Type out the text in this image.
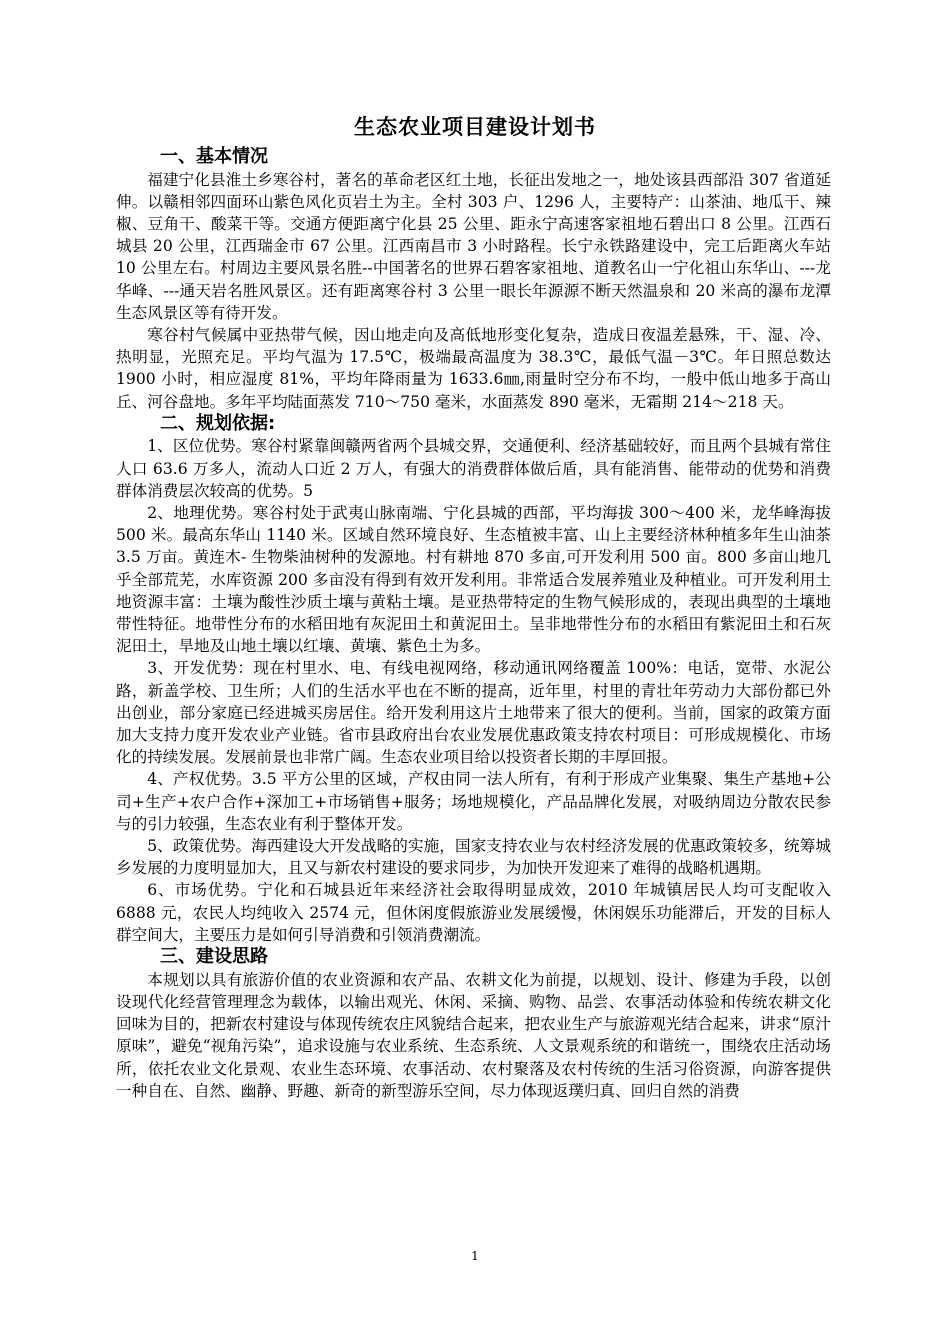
生态农业项目建设计划书
一、基本情况

福建宁化县淮土乡寒谷村，著名的革命老区红土地，长征出发地之一，地处该县西部沿 307 省道延伸。以赣相邻四面环山紫色风化页岩土为主。全村 303 户、1296 人，主要特产：山茶油、地瓜干、辣椒、豆角干、酸菜干等。交通方便距离宁化县 25 公里、距永宁高速客家祖地石碧出口 8 公里。江西石城县 20 公里，江西瑞金市 67 公里。江西南昌市 3 小时路程。长宁永铁路建设中，完工后距离火车站 10 公里左右。村周边主要风景名胜--中国著名的世界石碧客家祖地、道教名山一宁化祖山东华山、---龙华峰、---通天岩名胜风景区。还有距离寒谷村 3 公里一眼长年源源不断天然温泉和 20 米高的瀑布龙潭生态风景区等有待开发。

寒谷村气候属中亚热带气候，因山地走向及高低地形变化复杂，造成日夜温差悬殊，干、湿、冷、热明显，光照充足。平均气温为 17.5℃，极端最高温度为 38.3℃，最低气温－3℃。年日照总数达 1900 小时，相应湿度 81%，平均年降雨量为 1633.6㎜,雨量时空分布不均，一般中低山地多于高山丘、河谷盘地。多年平均陆面蒸发 710～750 毫米，水面蒸发 890 毫米，无霜期 214～218 天。

二、规划依据:

1、区位优势。寒谷村紧靠闽赣两省两个县城交界，交通便利、经济基础较好，而且两个县城有常住人口 63.6 万多人，流动人口近 2 万人，有强大的消费群体做后盾，具有能消售、能带动的优势和消费群体消费层次较高的优势。5

2、地理优势。寒谷村处于武夷山脉南端、宁化县城的西部，平均海拔 300～400 米，龙华峰海拔 500 米。最高东华山 1140 米。区域自然环境良好、生态植被丰富、山上主要经济林种植多年生山油茶 3.5 万亩。黄连木- 生物柴油树种的发源地。村有耕地 870 多亩,可开发利用 500 亩。800 多亩山地几乎全部荒芜，水库资源 200 多亩没有得到有效开发利用。非常适合发展养殖业及种植业。可开发利用土地资源丰富：土壤为酸性沙质土壤与黄粘土壤。是亚热带特定的生物气候形成的，表现出典型的土壤地带性特征。地带性分布的水稻田地有灰泥田土和黄泥田土。呈非地带性分布的水稻田有紫泥田土和石灰泥田土，旱地及山地土壤以红壤、黄壤、紫色土为多。

3、开发优势：现在村里水、电、有线电视网络，移动通讯网络覆盖 100%：电话，宽带、水泥公路，新盖学校、卫生所；人们的生活水平也在不断的提高，近年里，村里的青壮年劳动力大部份都已外出创业，部分家庭已经进城买房居住。给开发利用这片土地带来了很大的便利。当前，国家的政策方面加大支持力度开发农业产业链。省市县政府出台农业发展优惠政策支持农村项目：可形成规模化、市场化的持续发展。发展前景也非常广阔。生态农业项目给以投资者长期的丰厚回报。

4、产权优势。3.5 平方公里的区域，产权由同一法人所有，有利于形成产业集聚、集生产基地+公司+生产+农户合作+深加工+市场销售+服务；场地规模化，产品品牌化发展，对吸纳周边分散农民参与的引力较强，生态农业有利于整体开发。

5、政策优势。海西建设大开发战略的实施，国家支持农业与农村经济发展的优惠政策较多，统筹城乡发展的力度明显加大，且又与新农村建设的要求同步，为加快开发迎来了难得的战略机遇期。

6、市场优势。宁化和石城县近年来经济社会取得明显成效，2010 年城镇居民人均可支配收入 6888 元，农民人均纯收入 2574 元，但休闲度假旅游业发展缓慢，休闲娱乐功能滞后，开发的目标人群空间大，主要压力是如何引导消费和引领消费潮流。

三、建设思路

本规划以具有旅游价值的农业资源和农产品、农耕文化为前提，以规划、设计、修建为手段，以创设现代化经营管理理念为载体，以输出观光、休闲、采摘、购物、品尝、农事活动体验和传统农耕文化回味为目的，把新农村建设与体现传统农庄风貌结合起来，把农业生产与旅游观光结合起来，讲求“原汁原味”，避免“视角污染”，追求设施与农业系统、生态系统、人文景观系统的和谐统一，围绕农庄活动场所，依托农业文化景观、农业生态环境、农事活动、农村聚落及农村传统的生活习俗资源，向游客提供一种自在、自然、幽静、野趣、新奇的新型游乐空间，尽力体现返璞归真、回归自然的消费

1
